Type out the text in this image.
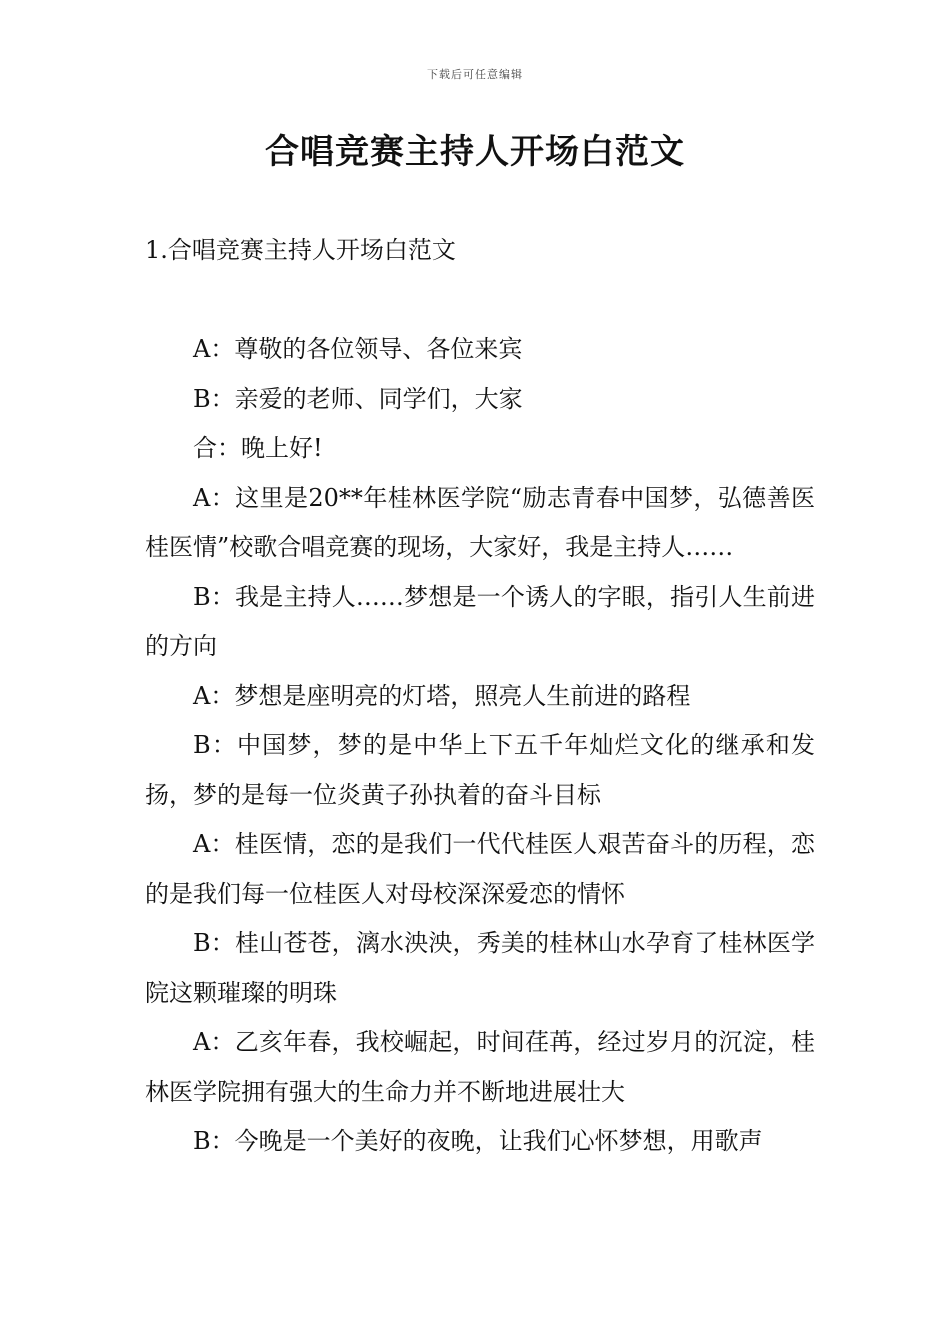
下载后可任意编辑
合唱竞赛主持人开场白范文
1.合唱竞赛主持人开场白范文

A：尊敬的各位领导、各位来宾

B：亲爱的老师、同学们，大家

合：晚上好!

A：这里是20**年桂林医学院“励志青春中国梦，弘德善医桂医情”校歌合唱竞赛的现场，大家好，我是主持人……

B：我是主持人……梦想是一个诱人的字眼，指引人生前进的方向

A：梦想是座明亮的灯塔，照亮人生前进的路程

B：中国梦，梦的是中华上下五千年灿烂文化的继承和发扬，梦的是每一位炎黄子孙执着的奋斗目标

A：桂医情，恋的是我们一代代桂医人艰苦奋斗的历程，恋的是我们每一位桂医人对母校深深爱恋的情怀

B：桂山苍苍，漓水泱泱，秀美的桂林山水孕育了桂林医学院这颗璀璨的明珠

A：乙亥年春，我校崛起，时间荏苒，经过岁月的沉淀，桂林医学院拥有强大的生命力并不断地进展壮大

B：今晚是一个美好的夜晚，让我们心怀梦想，用歌声
